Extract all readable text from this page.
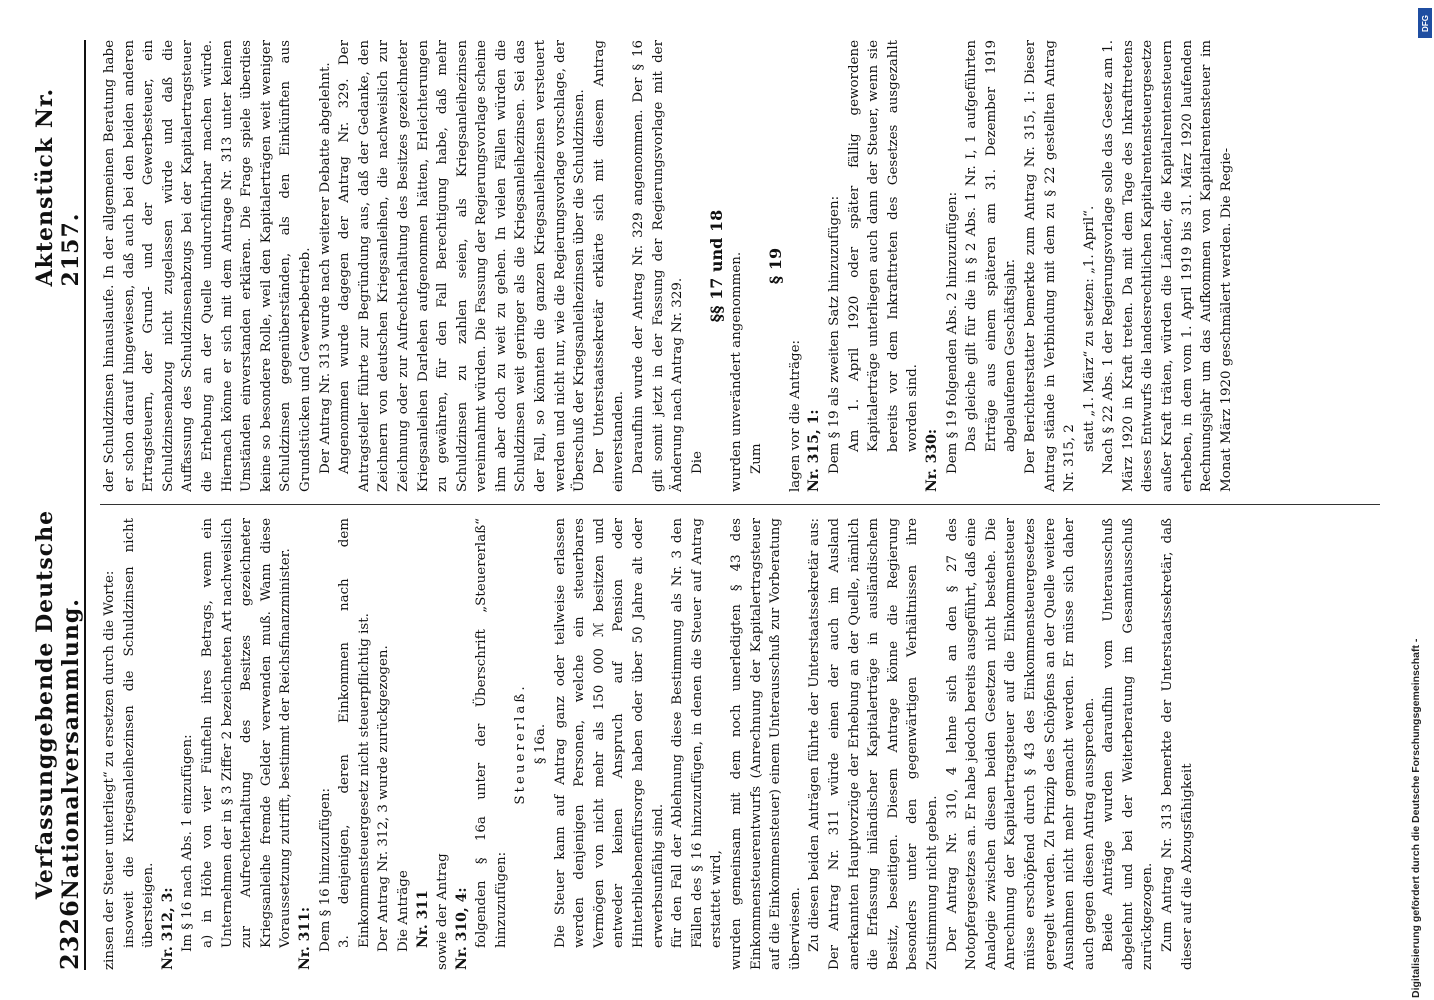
2326
Verfassunggebende Deutsche Nationalversammlung.
Aktenstück Nr. 2157.

zinsen der Steuer unterliegt“ zu ersetzen durch die Worte: insoweit die Kriegsanleihezinsen die Schuldzinsen nicht übersteigen. Nr. 312, 3: Im § 16 nach Abs. 1 einzufügen: a) in Höhe von vier Fünfteln ihres Betrags, wenn ein Unternehmen der in § 3 Ziffer 2 bezeichneten Art nachweislich zur Aufrechterhaltung des Besitzes gezeichneter Kriegsanleihe fremde Gelder verwenden muß. Wann diese Voraussetzung zutrifft, bestimmt der Reichsfinanzminister. Nr. 311: Dem § 16 hinzuzufügen: 3. denjenigen, deren Einkommen nach dem Einkommensteuergesetz nicht steuerpflichtig ist. Der Antrag Nr. 312, 3 wurde zurückgezogen. Die Anträge Nr. 311 sowie der Antrag Nr. 310, 4: folgenden § 16a unter der Überschrift „Steuererlaß“ hinzuzufügen:

Steuererlaß. § 16a. Die Steuer kann auf Antrag ganz oder teilweise erlassen werden denjenigen Personen, welche ein steuerbares Vermögen von nicht mehr als 150 000 ℳ besitzen und entweder keinen Anspruch auf Pension oder Hinterbliebenenfürsorge haben oder über 50 Jahre alt oder erwerbsunfähig sind. für den Fall der Ablehnung diese Bestimmung als Nr. 3 den Fällen des § 16 hinzuzufügen, in denen die Steuer auf Antrag erstattet wird, wurden gemeinsam mit dem noch unerledigten § 43 des Einkommensteuerentwurfs (Anrechnung der Kapitalertragsteuer auf die Einkommensteuer) einem Unterausschuß zur Vorberatung überwiesen. Zu diesen beiden Anträgen führte der Unterstaatssekretär aus: Der Antrag Nr. 311 würde einen der auch im Ausland anerkannten Hauptvorzüge der Erhebung an der Quelle, nämlich die Erfassung inländischer Kapitalerträge in ausländischem Besitz, beseitigen. Diesem Antrage könne die Regierung besonders unter den gegenwärtigen Verhältnissen ihre Zustimmung nicht geben. Der Antrag Nr. 310, 4 lehne sich an den § 27 des Notopfergesetzes an. Er habe jedoch bereits ausgeführt, daß eine Analogie zwischen diesen beiden Gesetzen nicht bestehe. Die Anrechnung der Kapitalertragsteuer auf die Einkommensteuer müsse erschöpfend durch § 43 des Einkommensteuergesetzes geregelt werden. Zu Prinzip des Schöpfens an der Quelle weitere Ausnahmen nicht mehr gemacht werden. Er müsse sich daher auch gegen diesen Antrag aussprechen. Beide Anträge wurden daraufhin vom Unterausschuß abgelehnt und bei der Weiterberatung im Gesamtausschuß zurückgezogen. Zum Antrag Nr. 313 bemerkte der Unterstaatssekretär, daß dieser auf die Abzugsfähigkeit

der Schuldzinsen hinauslaufe. In der allgemeinen Beratung habe er schon darauf hingewiesen, daß auch bei den beiden anderen Ertragsteuern, der Grund- und der Gewerbesteuer, ein Schuldzinsenabzug nicht zugelassen würde und daß die Auffassung des Schuldzinsenabzugs bei der Kapitalertragsteuer die Erhebung an der Quelle undurchführbar machen würde. Hiernach könne er sich mit dem Antrage Nr. 313 unter keinen Umständen einverstanden erklären. Die Frage spiele überdies keine so besondere Rolle, weil den Kapitalerträgen weit weniger Schuldzinsen gegenüberständen, als den Einkünften aus Grundstücken und Gewerbebetrieb. Der Antrag Nr. 313 wurde nach weiterer Debatte abgelehnt. Angenommen wurde dagegen der Antrag Nr. 329. Der Antragsteller führte zur Begründung aus, daß der Gedanke, den Zeichnern von deutschen Kriegsanleihen, die nachweislich zur Zeichnung oder zur Aufrechterhaltung des Besitzes gezeichneter Kriegsanleihen Darlehen aufgenommen hätten, Erleichterungen zu gewähren, für den Fall Berechtigung habe, daß mehr Schuldzinsen zu zahlen seien, als Kriegsanleihezinsen vereinnahmt würden. Die Fassung der Regierungsvorlage scheine ihm aber doch zu weit zu gehen. In vielen Fällen würden die Schuldzinsen weit geringer als die Kriegsanleihezinsen. Sei das der Fall, so könnten die ganzen Kriegsanleihezinsen versteuert werden und nicht nur, wie die Regierungsvorlage vorschlage, der Überschuß der Kriegsanleihezinsen über die Schuldzinsen. Der Unterstaatssekretär erklärte sich mit diesem Antrag einverstanden. Daraufhin wurde der Antrag Nr. 329 angenommen. Der § 16 gilt somit jetzt in der Fassung der Regierungsvorlage mit der Änderung nach Antrag Nr. 329. Die

§§ 17 und 18 wurden unverändert angenommen. Zum

§ 19

lagen vor die Anträge: Nr. 315, 1: Dem § 19 als zweiten Satz hinzuzufügen: Am 1. April 1920 oder später fällig gewordene Kapitalerträge unterliegen auch dann der Steuer, wenn sie bereits vor dem Inkrafttreten des Gesetzes ausgezahlt worden sind.

Nr. 330: Dem § 19 folgenden Abs. 2 hinzuzufügen: Das gleiche gilt für die in § 2 Abs. 1 Nr. I, 1 aufgeführten Erträge aus einem späteren am 31. Dezember 1919 abgelaufenen Geschäftsjahr. Der Berichterstatter bemerkte zum Antrag Nr. 315, 1: Dieser Antrag stände in Verbindung mit dem zu § 22 gestellten Antrag Nr. 315, 2

statt „1. März“ zu setzen: „1. April“. Nach § 22 Abs. 1 der Regierungsvorlage solle das Gesetz am 1. März 1920 in Kraft treten. Da mit dem Tage des Inkrafttretens dieses Entwurfs die landesrechtlichen Kapitalrentensteuergesetze außer Kraft träten, würden die Länder, die Kapitalrentensteuern erheben, in dem vom 1. April 1919 bis 31. März 1920 laufenden Rechnungsjahr um das Aufkommen von Kapitalrentensteuer im Monat März 1920 geschmälert werden. Die Regie-

Digitalisierung gefördert durch die Deutsche Forschungsgemeinschaft -
DFG
